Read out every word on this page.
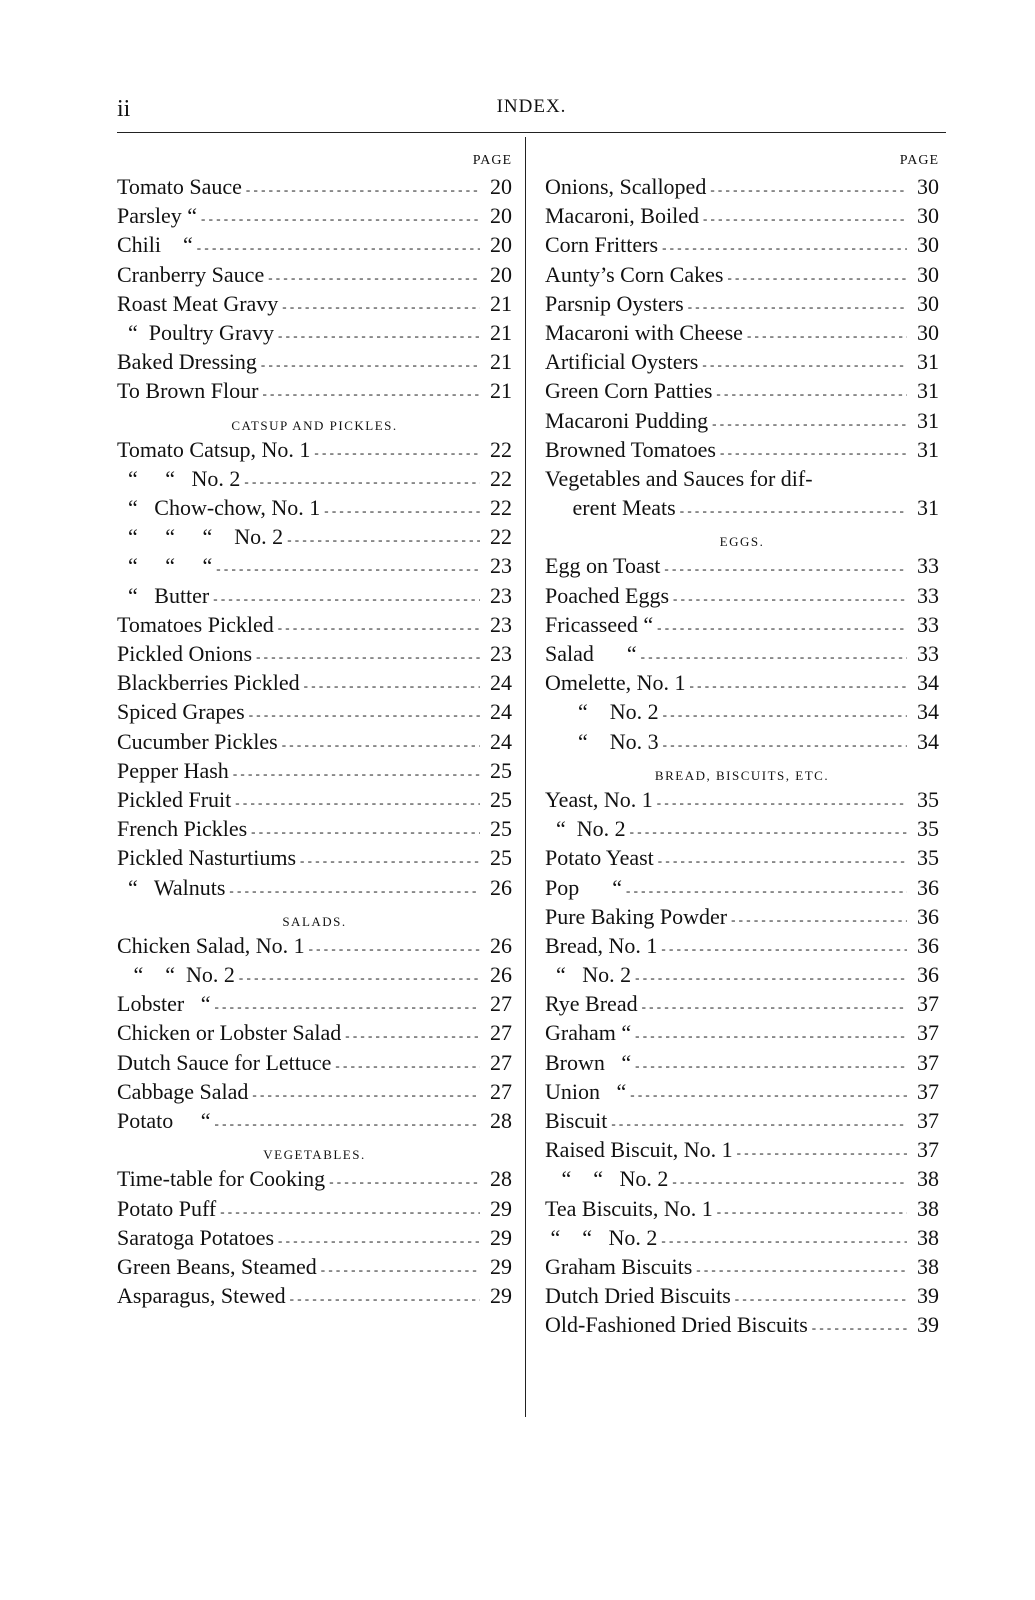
ii	INDEX.
PAGE
Tomato Sauce - - -	20
Parsley “ - - -	20
Chili    “ - - -	20
Cranberry Sauce - - -	20
Roast Meat Gravy - - -	21
“  Poultry Gravy - - -	21
Baked Dressing - - -	21
To Brown Flour - - -	21
CATSUP AND PICKLES.
Tomato Catsup, No. 1 - - -	22
“     “   No. 2 - - -	22
“   Chow-chow, No. 1 - - -	22
“     “     “    No. 2 - - -	22
“     “     “ - - -	23
“   Butter - - -	23
Tomatoes Pickled - - -	23
Pickled Onions - - -	23
Blackberries Pickled - - -	24
Spiced Grapes - - -	24
Cucumber Pickles - - -	24
Pepper Hash - - -	25
Pickled Fruit - - -	25
French Pickles - - -	25
Pickled Nasturtiums - - -	25
“   Walnuts - - -	26
SALADS.
Chicken Salad, No. 1 - - -	26
“    “  No. 2 - - -	26
Lobster   “ - - -	27
Chicken or Lobster Salad - - -	27
Dutch Sauce for Lettuce - - -	27
Cabbage Salad - - -	27
Potato     “ - - -	28
VEGETABLES.
Time-table for Cooking - - -	28
Potato Puff - - -	29
Saratoga Potatoes - - -	29
Green Beans, Steamed - - -	29
Asparagus, Stewed - - -	29
PAGE
Onions, Scalloped - - -	30
Macaroni, Boiled - - -	30
Corn Fritters - - -	30
Aunty’s Corn Cakes - - -	30
Parsnip Oysters - - -	30
Macaroni with Cheese - - -	30
Artificial Oysters - - -	31
Green Corn Patties - - -	31
Macaroni Pudding - - -	31
Browned Tomatoes - - -	31
Vegetables and Sauces for dif-
erent Meats - - -	31
EGGS.
Egg on Toast - - -	33
Poached Eggs - - -	33
Fricasseed “ - - -	33
Salad      “ - - -	33
Omelette, No. 1 - - -	34
“    No. 2 - - -	34
“    No. 3 - - -	34
BREAD, BISCUITS, ETC.
Yeast, No. 1 - - -	35
“  No. 2 - - -	35
Potato Yeast - - -	35
Pop      “ - - -	36
Pure Baking Powder - - -	36
Bread, No. 1 - - -	36
“   No. 2 - - -	36
Rye Bread - - -	37
Graham “ - - -	37
Brown   “ - - -	37
Union   “ - - -	37
Biscuit - - -	37
Raised Biscuit, No. 1 - - -	37
“    “   No. 2 - - -	38
Tea Biscuits, No. 1 - - -	38
“    “   No. 2 - - -	38
Graham Biscuits - - -	38
Dutch Dried Biscuits - - -	39
Old-Fashioned Dried Biscuits - - -	39
